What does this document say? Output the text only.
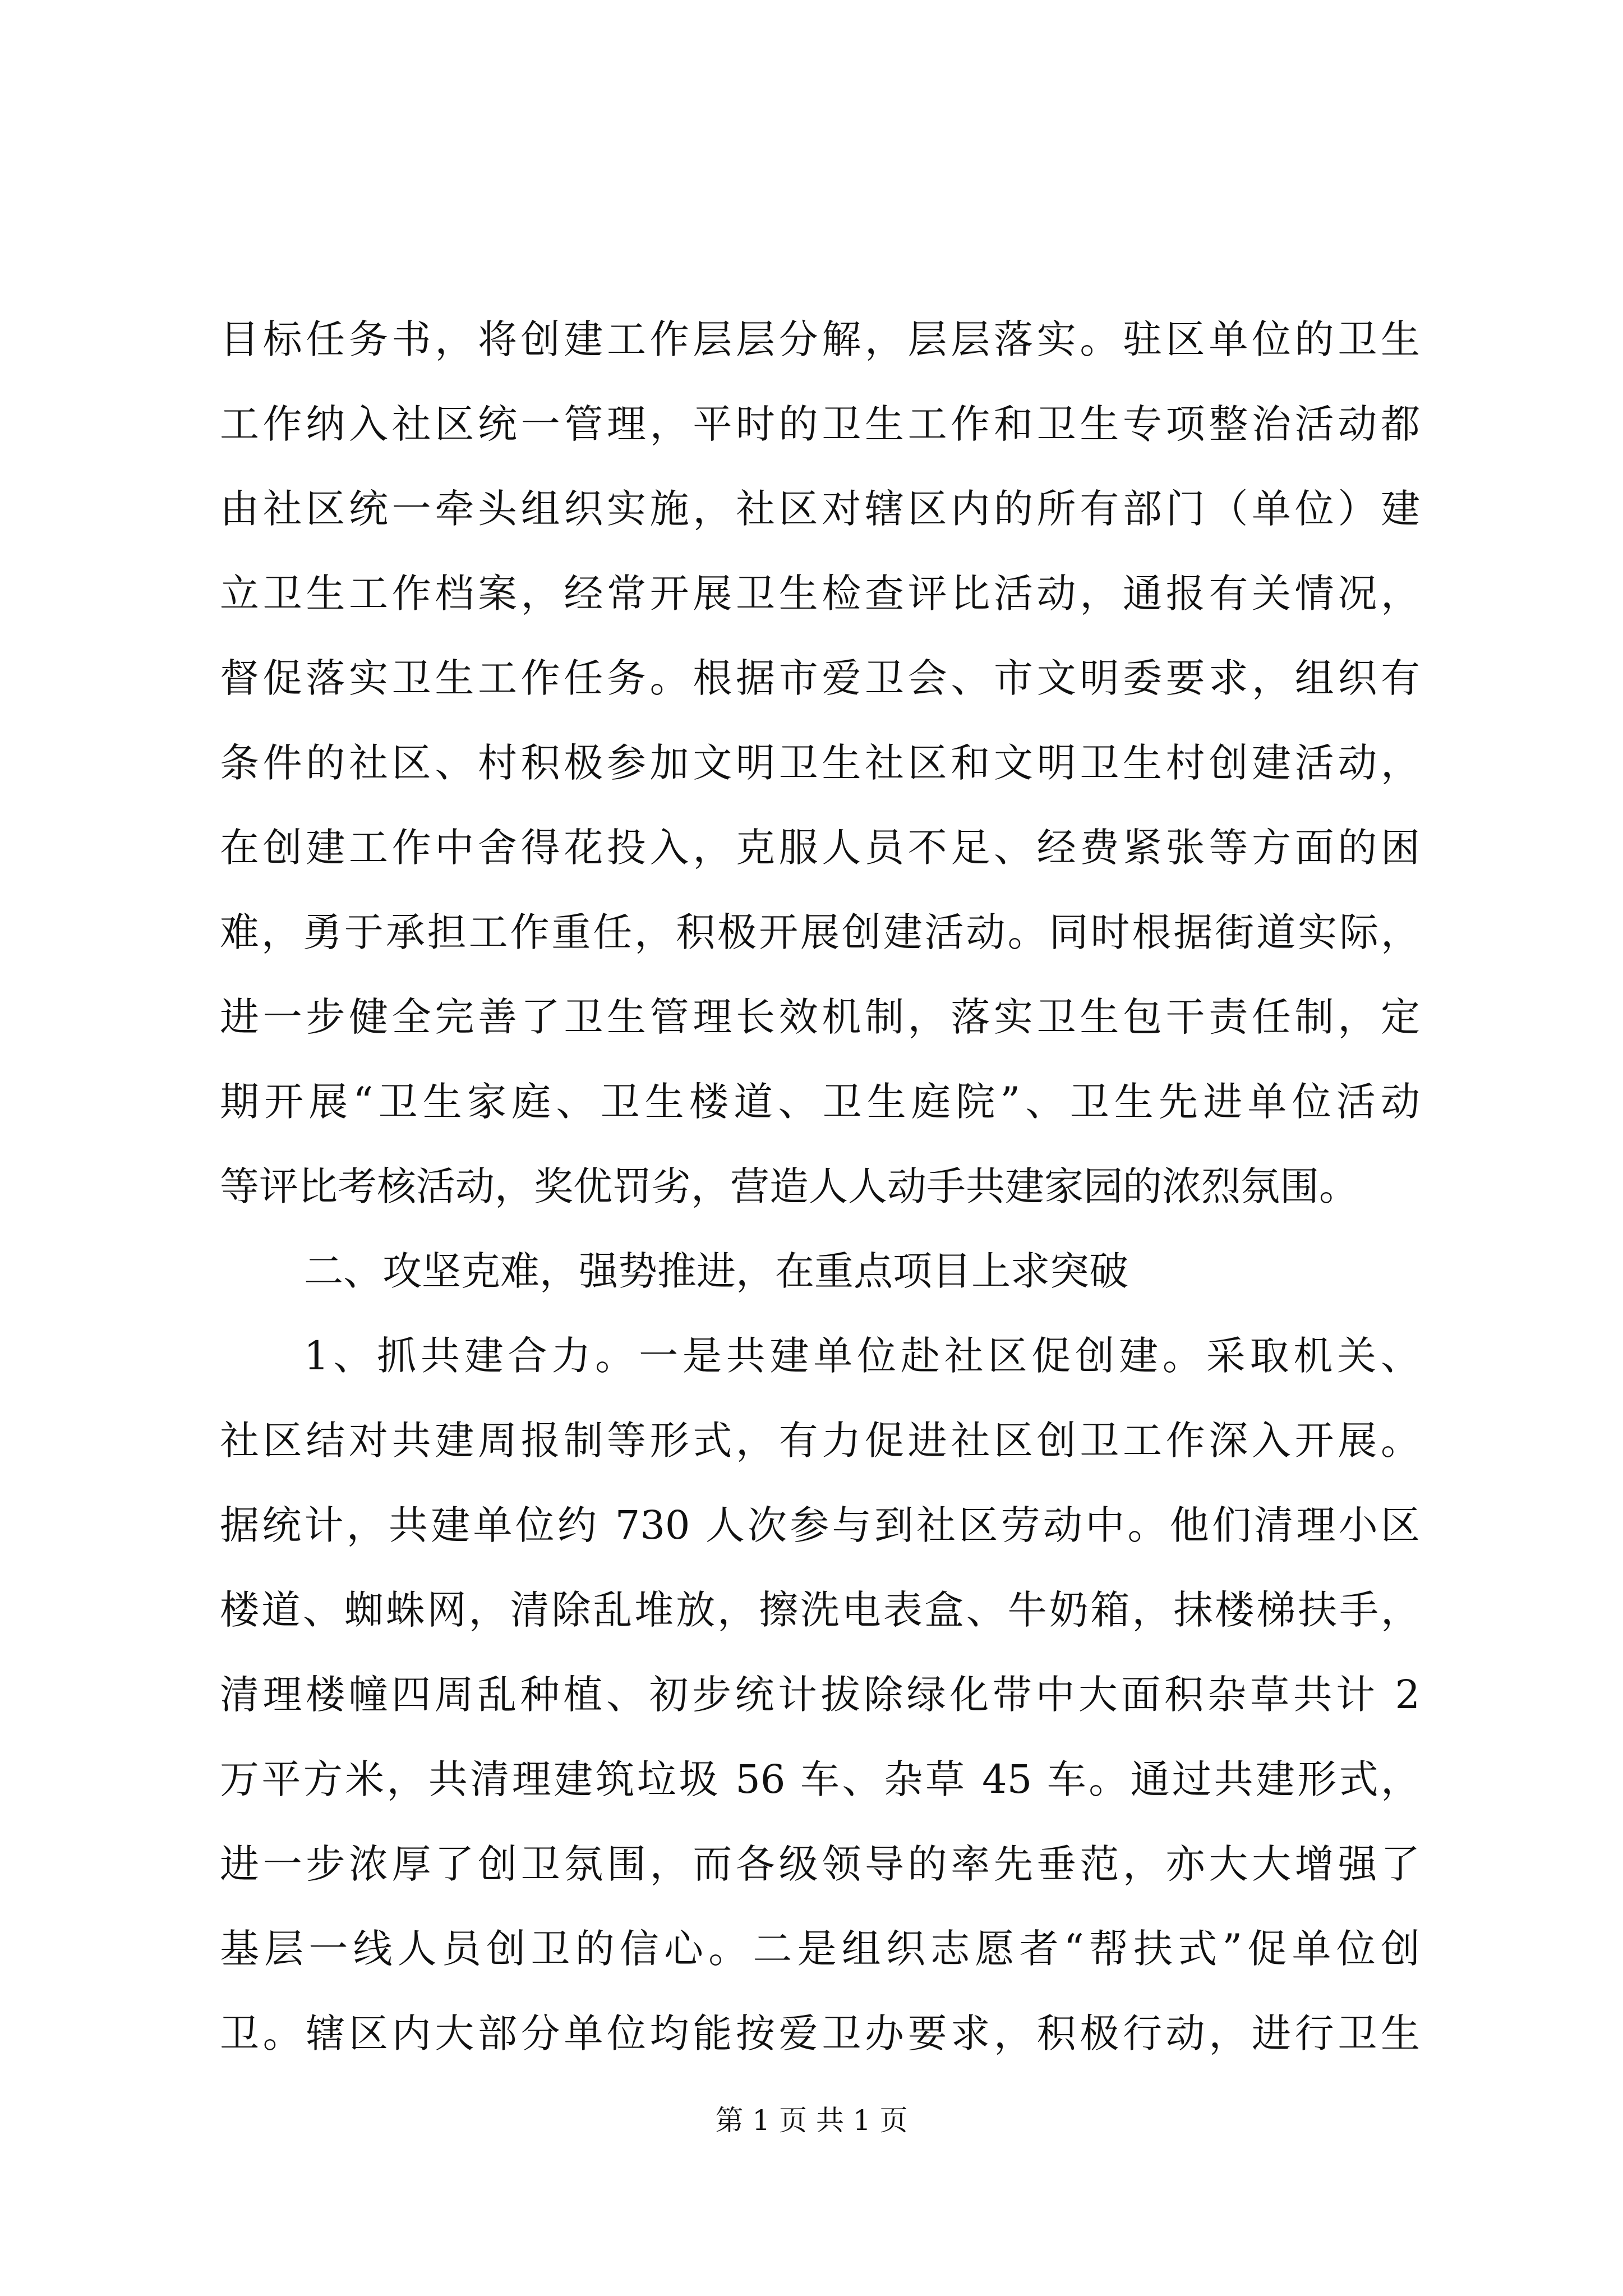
目标任务书，将创建工作层层分解，层层落实。驻区单位的卫生
工作纳入社区统一管理，平时的卫生工作和卫生专项整治活动都
由社区统一牵头组织实施，社区对辖区内的所有部门（单位）建
立卫生工作档案，经常开展卫生检查评比活动，通报有关情况，
督促落实卫生工作任务。根据市爱卫会、市文明委要求，组织有
条件的社区、村积极参加文明卫生社区和文明卫生村创建活动，
在创建工作中舍得花投入，克服人员不足、经费紧张等方面的困
难，勇于承担工作重任，积极开展创建活动。同时根据街道实际，
进一步健全完善了卫生管理长效机制，落实卫生包干责任制，定
期开展“卫生家庭、卫生楼道、卫生庭院”、卫生先进单位活动
等评比考核活动，奖优罚劣，营造人人动手共建家园的浓烈氛围。
二、攻坚克难，强势推进，在重点项目上求突破
1、抓共建合力。一是共建单位赴社区促创建。采取机关、
社区结对共建周报制等形式，有力促进社区创卫工作深入开展。
据统计，共建单位约 730 人次参与到社区劳动中。他们清理小区
楼道、蜘蛛网，清除乱堆放，擦洗电表盒、牛奶箱，抹楼梯扶手，
清理楼幢四周乱种植、初步统计拔除绿化带中大面积杂草共计 2
万平方米，共清理建筑垃圾 56 车、杂草 45 车。通过共建形式，
进一步浓厚了创卫氛围，而各级领导的率先垂范，亦大大增强了
基层一线人员创卫的信心。二是组织志愿者“帮扶式”促单位创
卫。辖区内大部分单位均能按爱卫办要求，积极行动，进行卫生
第 1 页 共 1 页
